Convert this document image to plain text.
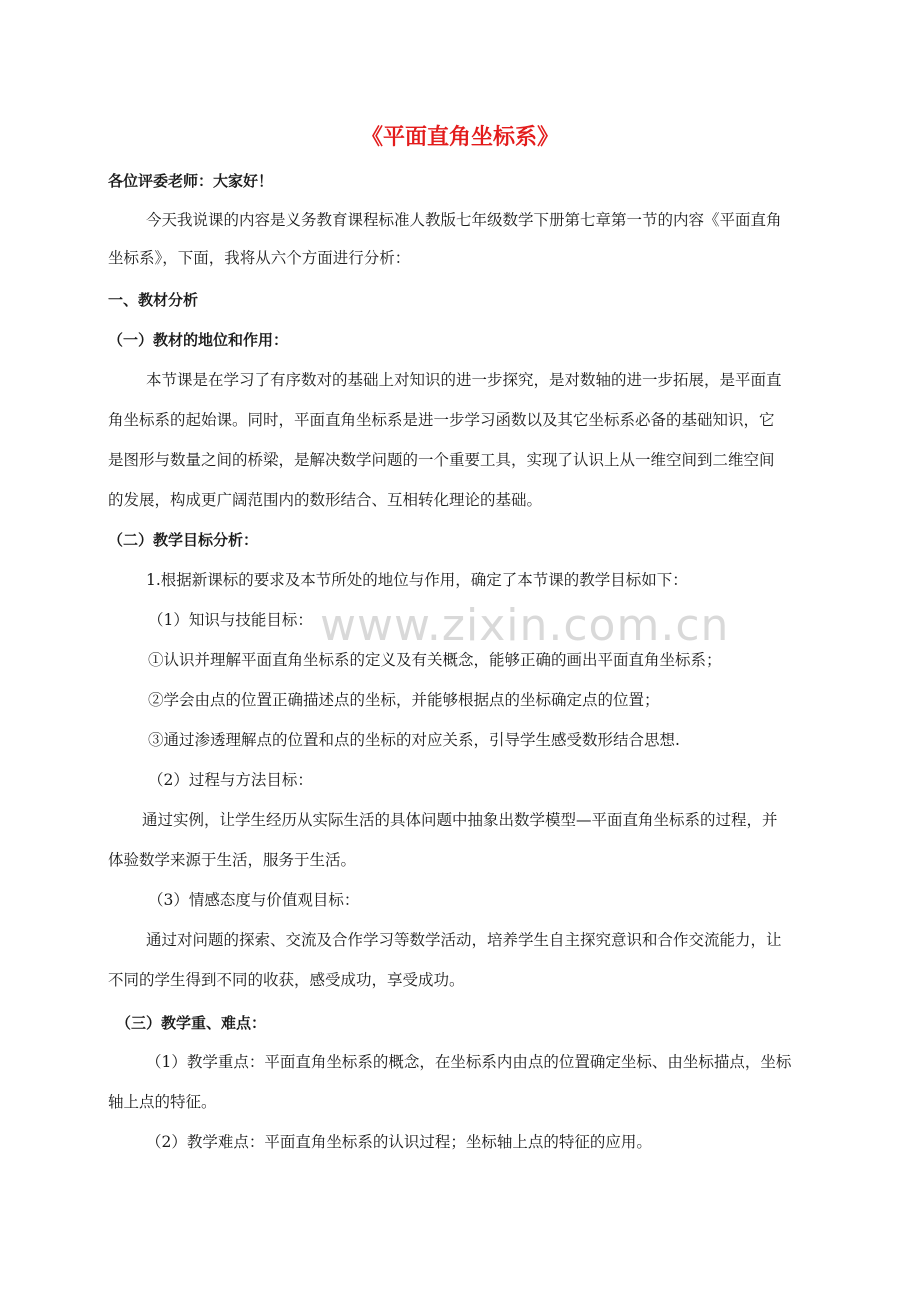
www.zixin.com.cn
《平面直角坐标系》
各位评委老师：大家好！
今天我说课的内容是义务教育课程标准人教版七年级数学下册第七章第一节的内容《平面直角
坐标系》，下面，我将从六个方面进行分析：
一、教材分析
（一）教材的地位和作用：
本节课是在学习了有序数对的基础上对知识的进一步探究，是对数轴的进一步拓展，是平面直
角坐标系的起始课。同时，平面直角坐标系是进一步学习函数以及其它坐标系必备的基础知识，它
是图形与数量之间的桥梁，是解决数学问题的一个重要工具，实现了认识上从一维空间到二维空间
的发展，构成更广阔范围内的数形结合、互相转化理论的基础。
（二）教学目标分析：
1.根据新课标的要求及本节所处的地位与作用，确定了本节课的教学目标如下：
（1）知识与技能目标：
①认识并理解平面直角坐标系的定义及有关概念，能够正确的画出平面直角坐标系；
②学会由点的位置正确描述点的坐标，并能够根据点的坐标确定点的位置；
③通过渗透理解点的位置和点的坐标的对应关系，引导学生感受数形结合思想.
（2）过程与方法目标：
通过实例，让学生经历从实际生活的具体问题中抽象出数学模型—平面直角坐标系的过程，并
体验数学来源于生活，服务于生活。
（3）情感态度与价值观目标：
通过对问题的探索、交流及合作学习等数学活动，培养学生自主探究意识和合作交流能力，让
不同的学生得到不同的收获，感受成功，享受成功。
（三）教学重、难点：
（1）教学重点：平面直角坐标系的概念，在坐标系内由点的位置确定坐标、由坐标描点，坐标
轴上点的特征。
（2）教学难点：平面直角坐标系的认识过程；坐标轴上点的特征的应用。
